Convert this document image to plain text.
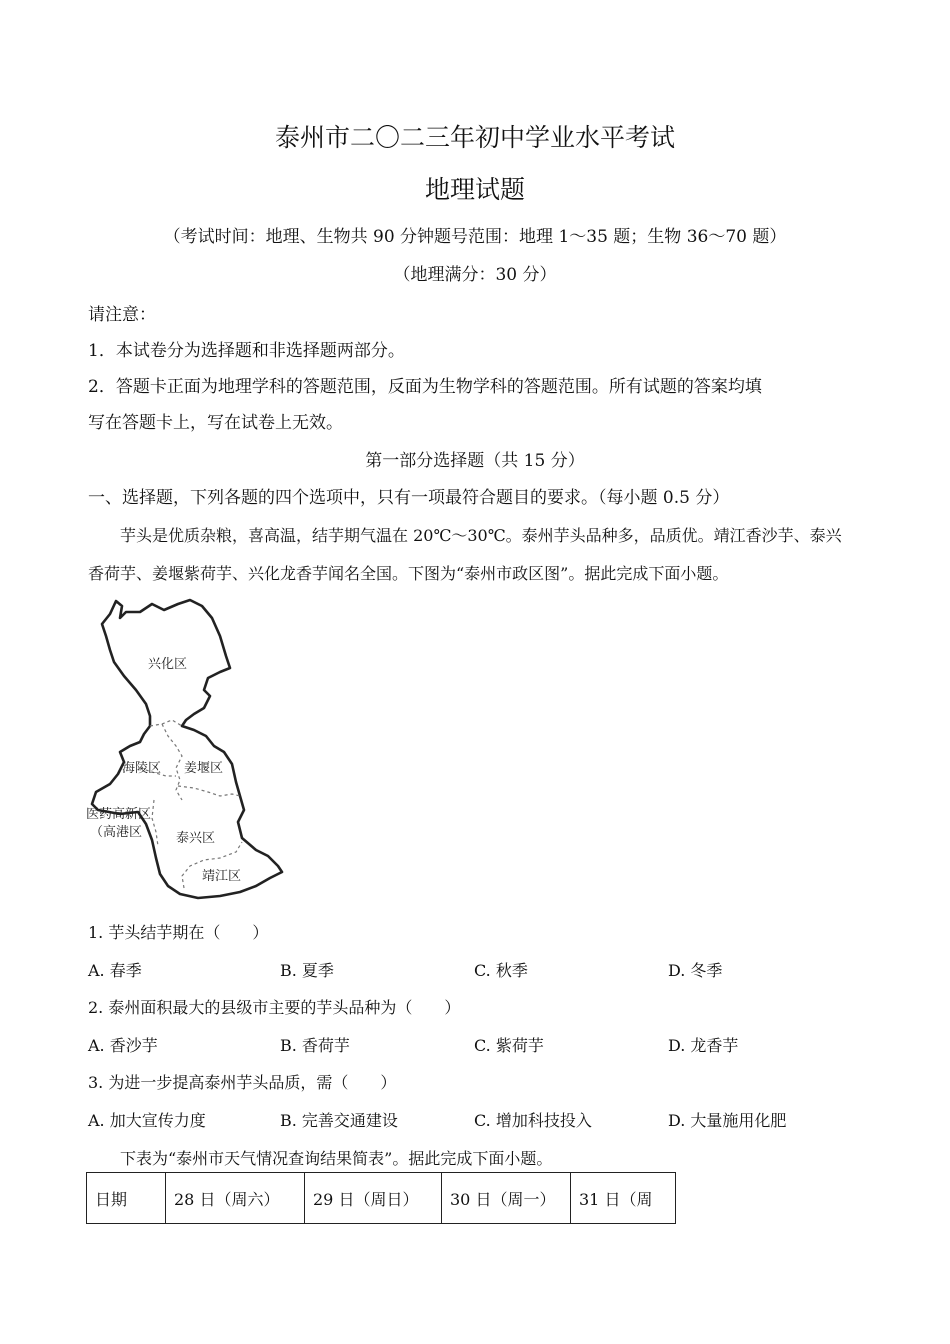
泰州市二〇二三年初中学业水平考试
地理试题
（考试时间：地理、生物共 90 分钟题号范围：地理 1～35 题；生物 36～70 题）
（地理满分：30 分）
请注意：
1．本试卷分为选择题和非选择题两部分。
2．答题卡正面为地理学科的答题范围，反面为生物学科的答题范围。所有试题的答案均填
写在答题卡上，写在试卷上无效。
第一部分选择题（共 15 分）
一、选择题，下列各题的四个选项中，只有一项最符合题目的要求。（每小题 0.5 分）
芋头是优质杂粮，喜高温，结芋期气温在 20℃～30℃。泰州芋头品种多，品质优。靖江香沙芋、泰兴
香荷芋、姜堰紫荷芋、兴化龙香芋闻名全国。下图为“泰州市政区图”。据此完成下面小题。
兴化区
海陵区 姜堰区
医药高新区
（高港区	泰兴区
靖江区
1. 芋头结芋期在（　　）
A. 春季	B. 夏季	C. 秋季	D. 冬季
2. 泰州面积最大的县级市主要的芋头品种为（　　）
A. 香沙芋	B. 香荷芋	C. 紫荷芋	D. 龙香芋
3. 为进一步提高泰州芋头品质，需（　　）
A. 加大宣传力度	B. 完善交通建设	C. 增加科技投入	D. 大量施用化肥
下表为“泰州市天气情况查询结果简表”。据此完成下面小题。
日期	28 日（周六）	29 日（周日）	30 日（周一）	31 日（周
